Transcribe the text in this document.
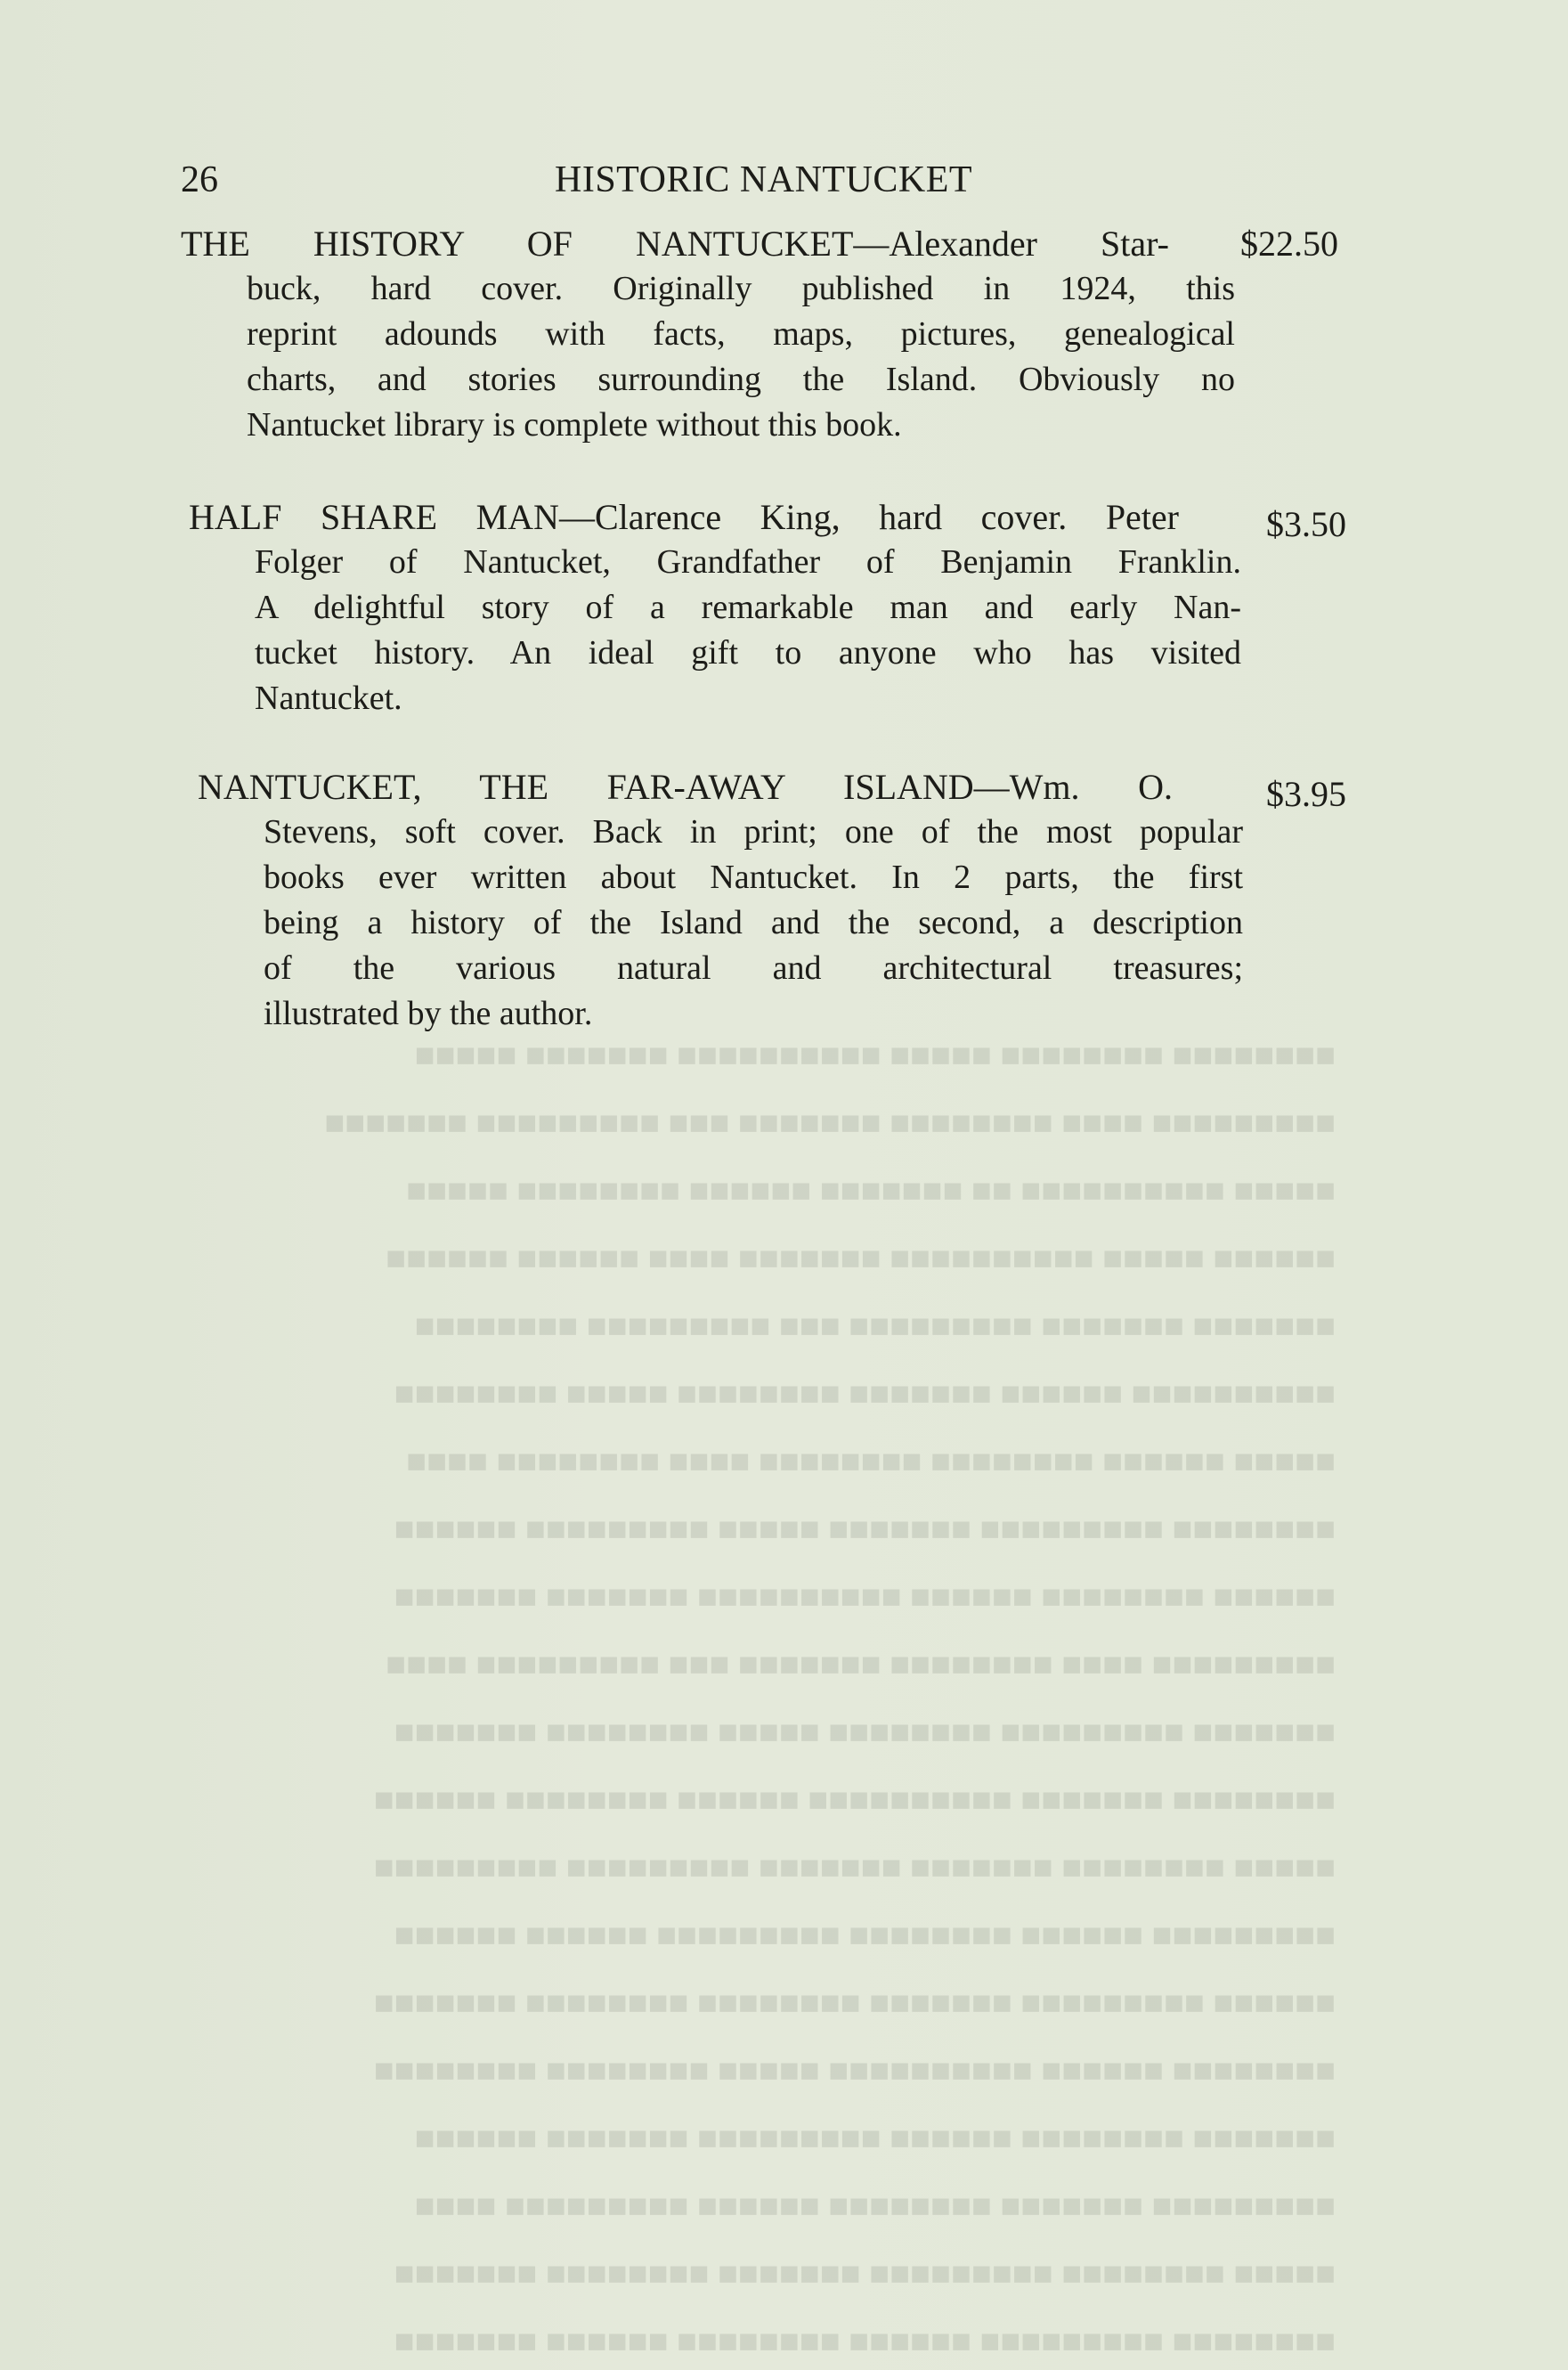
■■■■■■■■ ■■■■■■■■ ■■■■■ ■■■■■■■■■■ ■■■■■■■ ■■■■■

■■■■■■■■■ ■■■■ ■■■■■■■■ ■■■■■■■ ■■■ ■■■■■■■■■ ■■■■■■■

■■■■■ ■■■■■■■■■■ ■■ ■■■■■■■ ■■■■■■ ■■■■■■■■ ■■■■■

■■■■■■ ■■■■■ ■■■■■■■■■■ ■■■■■■■ ■■■■ ■■■■■■ ■■■■■■

■■■■■■■ ■■■■■■■ ■■■■■■■■■ ■■■ ■■■■■■■■■ ■■■■■■■■

■■■■■■■■■■ ■■■■■■ ■■■■■■■ ■■■■■■■■ ■■■■■ ■■■■■■■■

■■■■■ ■■■■■■ ■■■■■■■■ ■■■■■■■■ ■■■■ ■■■■■■■■ ■■■■

■■■■■■■■ ■■■■■■■■■ ■■■■■■■ ■■■■■ ■■■■■■■■■ ■■■■■■

■■■■■■ ■■■■■■■■ ■■■■■■ ■■■■■■■■■■ ■■■■■■■ ■■■■■■■

■■■■■■■■■ ■■■■ ■■■■■■■■ ■■■■■■■ ■■■ ■■■■■■■■■ ■■■■

■■■■■■■ ■■■■■■■■■ ■■■■■■■■ ■■■■■ ■■■■■■■■ ■■■■■■■

■■■■■■■■ ■■■■■■■ ■■■■■■■■■■ ■■■■■■ ■■■■■■■■ ■■■■■■

■■■■■ ■■■■■■■■ ■■■■■■■ ■■■■■■■ ■■■■■■■■■ ■■■■■■■■■

■■■■■■■■■ ■■■■■■ ■■■■■■■■ ■■■■■■■■■ ■■■■■■ ■■■■■■

■■■■■■ ■■■■■■■■■ ■■■■■■■ ■■■■■■■■ ■■■■■■■■ ■■■■■■■

■■■■■■■■ ■■■■■■ ■■■■■■■■■■ ■■■■■ ■■■■■■■■ ■■■■■■■■

■■■■■■■ ■■■■■■■■ ■■■■■■ ■■■■■■■■■ ■■■■■■■ ■■■■■■

■■■■■■■■■ ■■■■■■■ ■■■■■■■■ ■■■■■■ ■■■■■■■■■ ■■■■

■■■■■ ■■■■■■■■ ■■■■■■■■■ ■■■■■■■ ■■■■■■■■ ■■■■■■■

■■■■■■■■ ■■■■■■■■■ ■■■■■■ ■■■■■■■■ ■■■■■■ ■■■■■■■

26	HISTORIC NANTUCKET
THE HISTORY OF NANTUCKET—Alexander Star- $22.50
buck, hard cover. Originally published in 1924, this
reprint adounds with facts, maps, pictures, genealogical
charts, and stories surrounding the Island. Obviously no
Nantucket library is complete without this book.
HALF SHARE MAN—Clarence King, hard cover. Peter $3.50
Folger of Nantucket, Grandfather of Benjamin Franklin.
A delightful story of a remarkable man and early Nan-
tucket history. An ideal gift to anyone who has visited
Nantucket.
NANTUCKET, THE FAR-AWAY ISLAND—Wm. O.	$3.95
Stevens, soft cover. Back in print; one of the most popular
books ever written about Nantucket. In 2 parts, the first
being a history of the Island and the second, a description
of the various natural and architectural treasures;
illustrated by the author.
